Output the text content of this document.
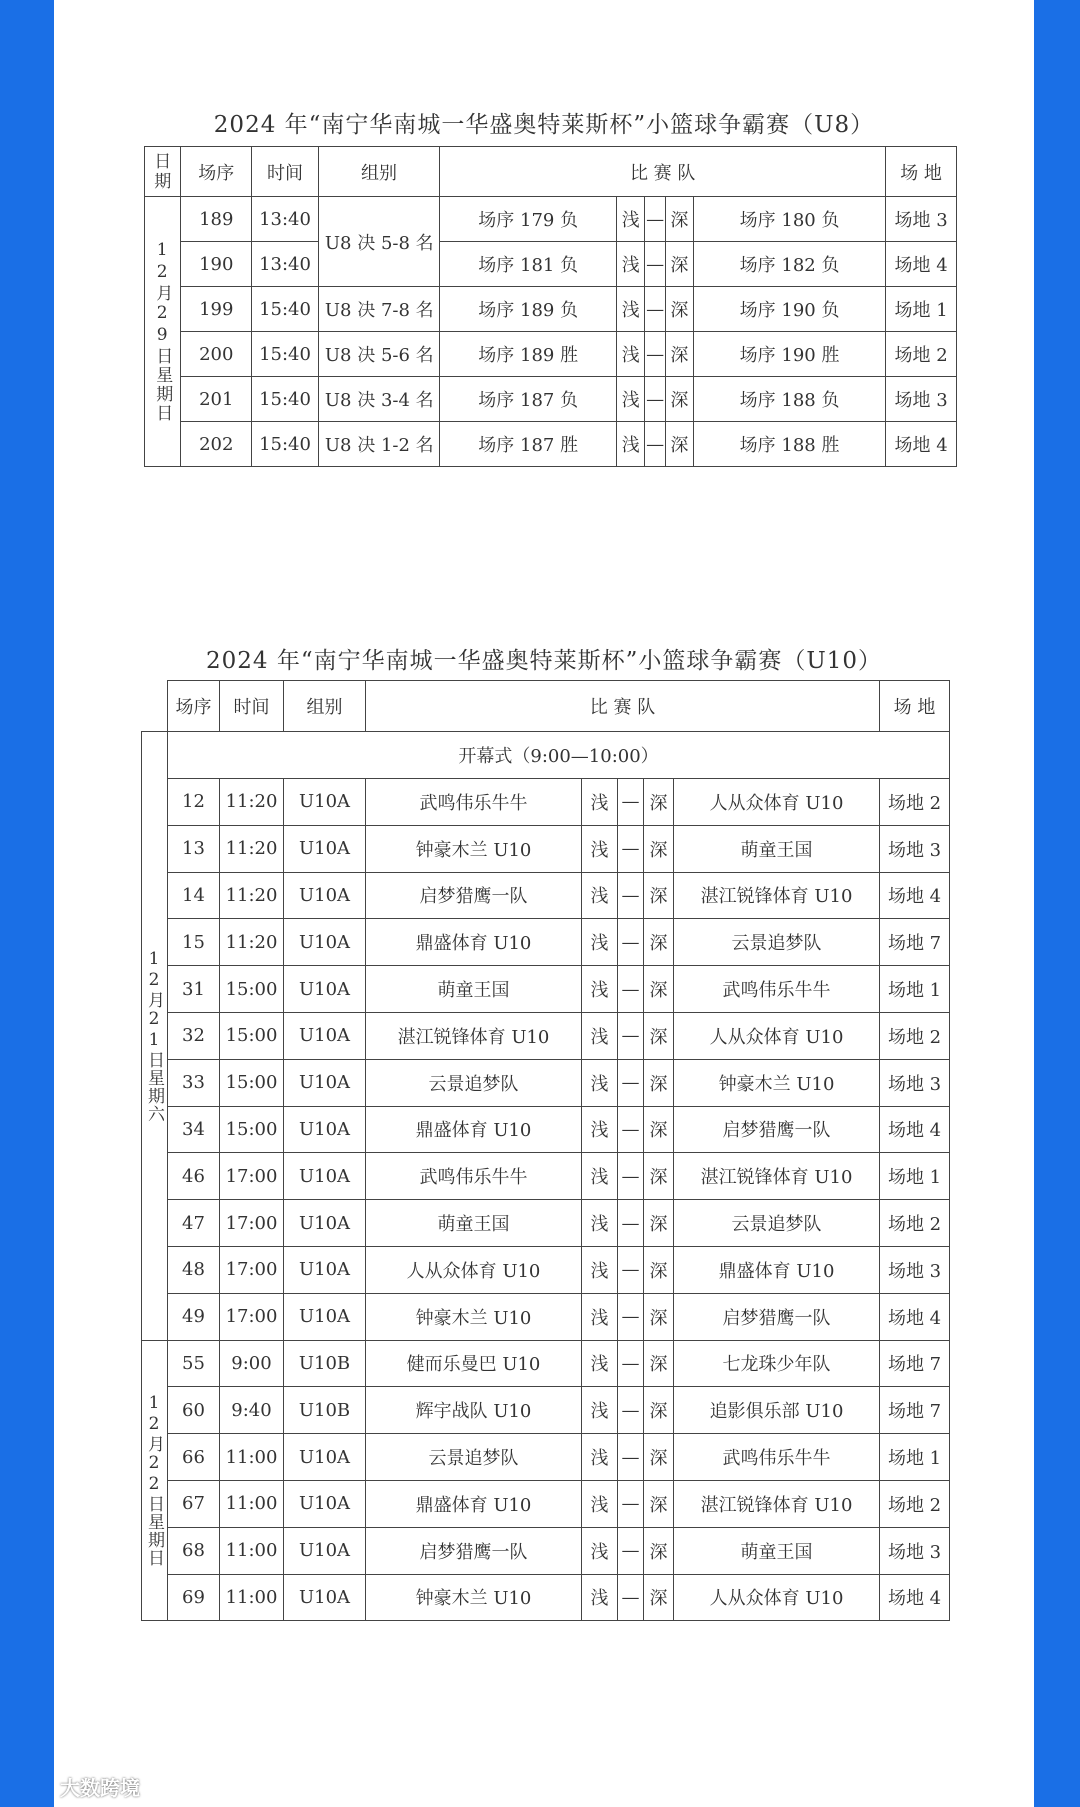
2024 年“南宁华南城一华盛奥特莱斯杯”小篮球争霸赛（U8）
日期	场序	时间	组别	比 赛 队					场 地
12月29日星期日	189	13:40	U8 决 5-8 名	场序 179 负	浅	—	深	场序 180 负	场地 3
	190	13:40		场序 181 负	浅	—	深	场序 182 负	场地 4
	199	15:40	U8 决 7-8 名	场序 189 负	浅	—	深	场序 190 负	场地 1
	200	15:40	U8 决 5-6 名	场序 189 胜	浅	—	深	场序 190 胜	场地 2
	201	15:40	U8 决 3-4 名	场序 187 负	浅	—	深	场序 188 负	场地 3
	202	15:40	U8 决 1-2 名	场序 187 胜	浅	—	深	场序 188 胜	场地 4
2024 年“南宁华南城一华盛奥特莱斯杯”小篮球争霸赛（U10）
	场序	时间	组别	比 赛 队					场 地
12月21日星期六	开幕式（9:00—10:00）								
	12	11:20	U10A	武鸣伟乐牛牛	浅	—	深	人从众体育 U10	场地 2
	13	11:20	U10A	钟豪木兰 U10	浅	—	深	萌童王国	场地 3
	14	11:20	U10A	启梦猎鹰一队	浅	—	深	湛江锐锋体育 U10	场地 4
	15	11:20	U10A	鼎盛体育 U10	浅	—	深	云景追梦队	场地 7
	31	15:00	U10A	萌童王国	浅	—	深	武鸣伟乐牛牛	场地 1
	32	15:00	U10A	湛江锐锋体育 U10	浅	—	深	人从众体育 U10	场地 2
	33	15:00	U10A	云景追梦队	浅	—	深	钟豪木兰 U10	场地 3
	34	15:00	U10A	鼎盛体育 U10	浅	—	深	启梦猎鹰一队	场地 4
	46	17:00	U10A	武鸣伟乐牛牛	浅	—	深	湛江锐锋体育 U10	场地 1
	47	17:00	U10A	萌童王国	浅	—	深	云景追梦队	场地 2
	48	17:00	U10A	人从众体育 U10	浅	—	深	鼎盛体育 U10	场地 3
	49	17:00	U10A	钟豪木兰 U10	浅	—	深	启梦猎鹰一队	场地 4
12月22日星期日	55	9:00	U10B	健而乐曼巴 U10	浅	—	深	七龙珠少年队	场地 7
	60	9:40	U10B	辉宇战队 U10	浅	—	深	追影俱乐部 U10	场地 7
	66	11:00	U10A	云景追梦队	浅	—	深	武鸣伟乐牛牛	场地 1
	67	11:00	U10A	鼎盛体育 U10	浅	—	深	湛江锐锋体育 U10	场地 2
	68	11:00	U10A	启梦猎鹰一队	浅	—	深	萌童王国	场地 3
	69	11:00	U10A	钟豪木兰 U10	浅	—	深	人从众体育 U10	场地 4
大数跨境
